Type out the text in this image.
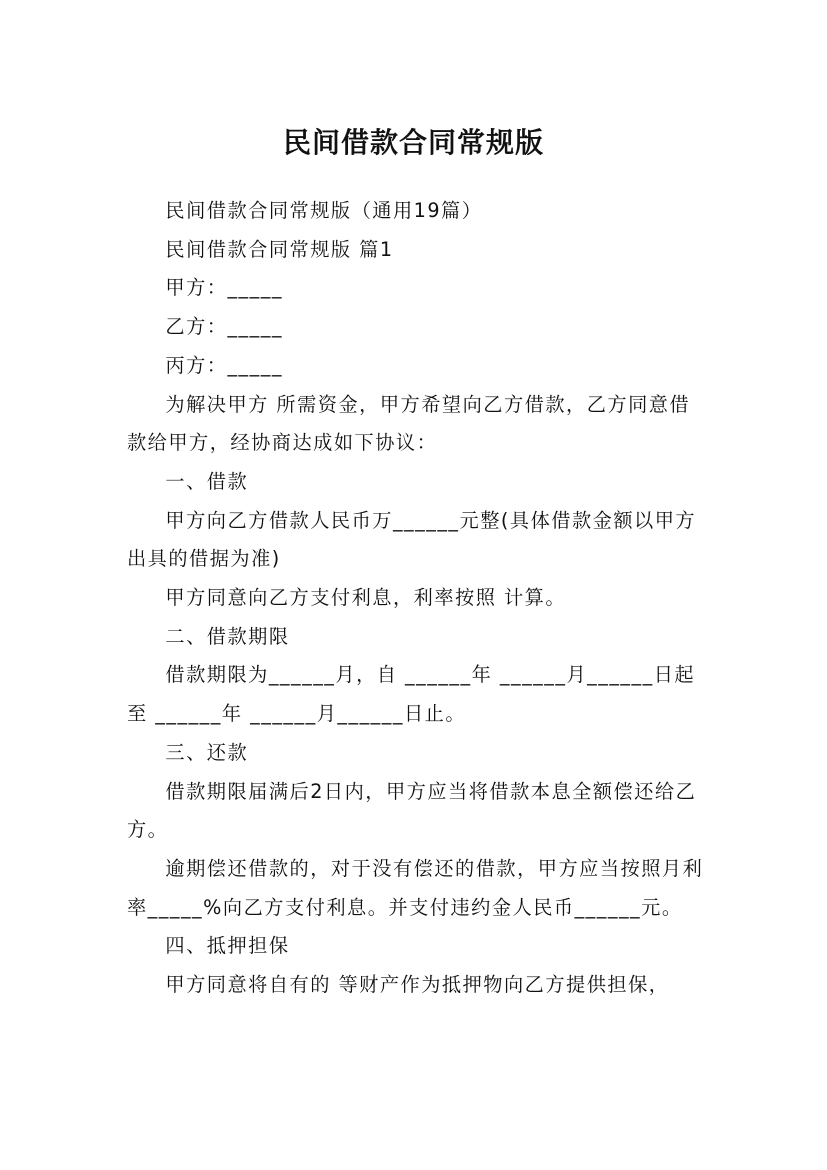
民间借款合同常规版

民间借款合同常规版（通用19篇）

民间借款合同常规版 篇1

甲方：_____

乙方：_____

丙方：_____

为解决甲方 所需资金，甲方希望向乙方借款，乙方同意借款给甲方，经协商达成如下协议：

一、借款

甲方向乙方借款人民币万______元整(具体借款金额以甲方出具的借据为准)

甲方同意向乙方支付利息，利率按照 计算。

二、借款期限

借款期限为______月，自 ______年 ______月______日起至 ______年 ______月______日止。

三、还款

借款期限届满后2日内，甲方应当将借款本息全额偿还给乙方。

逾期偿还借款的，对于没有偿还的借款，甲方应当按照月利率_____%向乙方支付利息。并支付违约金人民币______元。

四、抵押担保

甲方同意将自有的 等财产作为抵押物向乙方提供担保，
